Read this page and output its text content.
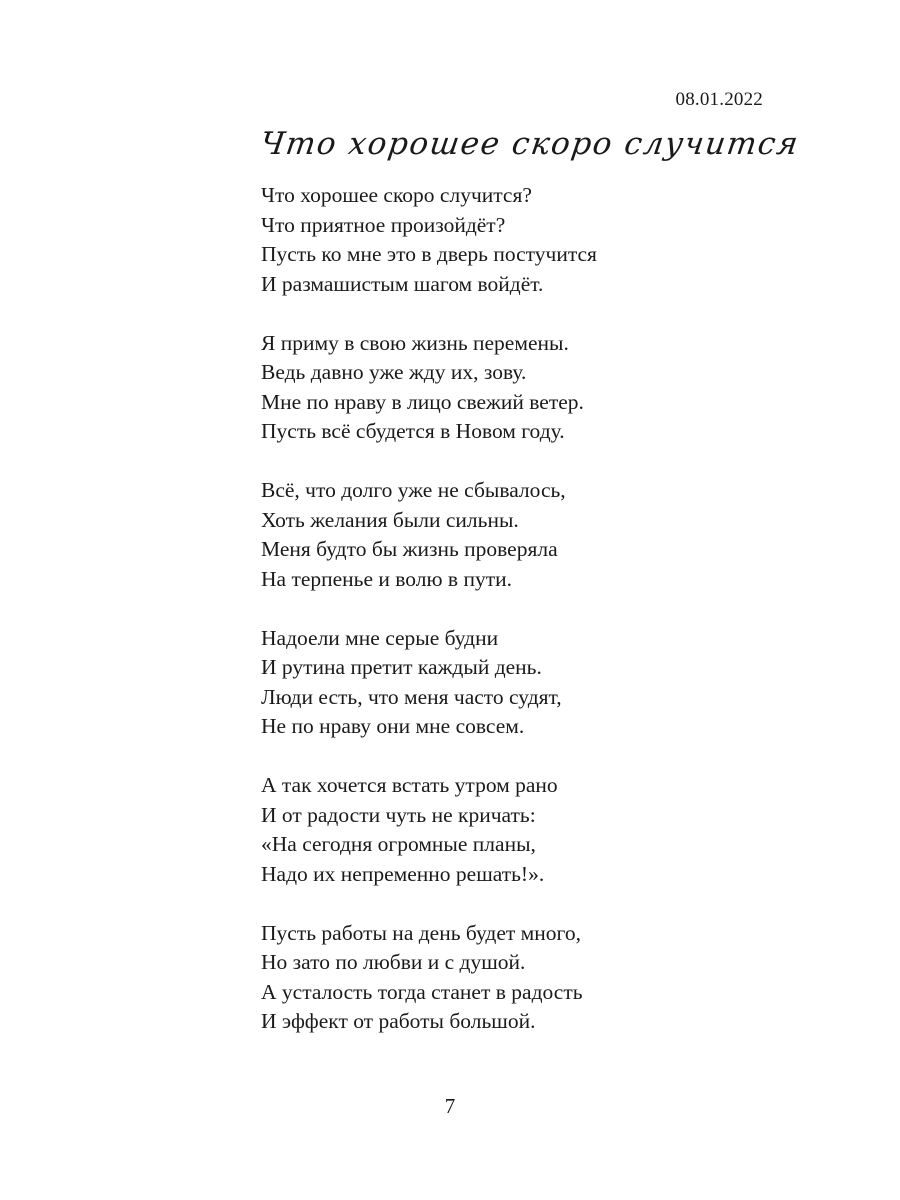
08.01.2022
Что хорошее скоро случится
Что хорошее скоро случится?
Что приятное произойдёт?
Пусть ко мне это в дверь постучится
И размашистым шагом войдёт.
Я приму в свою жизнь перемены.
Ведь давно уже жду их, зову.
Мне по нраву в лицо свежий ветер.
Пусть всё сбудется в Новом году.
Всё, что долго уже не сбывалось,
Хоть желания были сильны.
Меня будто бы жизнь проверяла
На терпенье и волю в пути.
Надоели мне серые будни
И рутина претит каждый день.
Люди есть, что меня часто судят,
Не по нраву они мне совсем.
А так хочется встать утром рано
И от радости чуть не кричать:
«На сегодня огромные планы,
Надо их непременно решать!».
Пусть работы на день будет много,
Но зато по любви и с душой.
А усталость тогда станет в радость
И эффект от работы большой.
7
